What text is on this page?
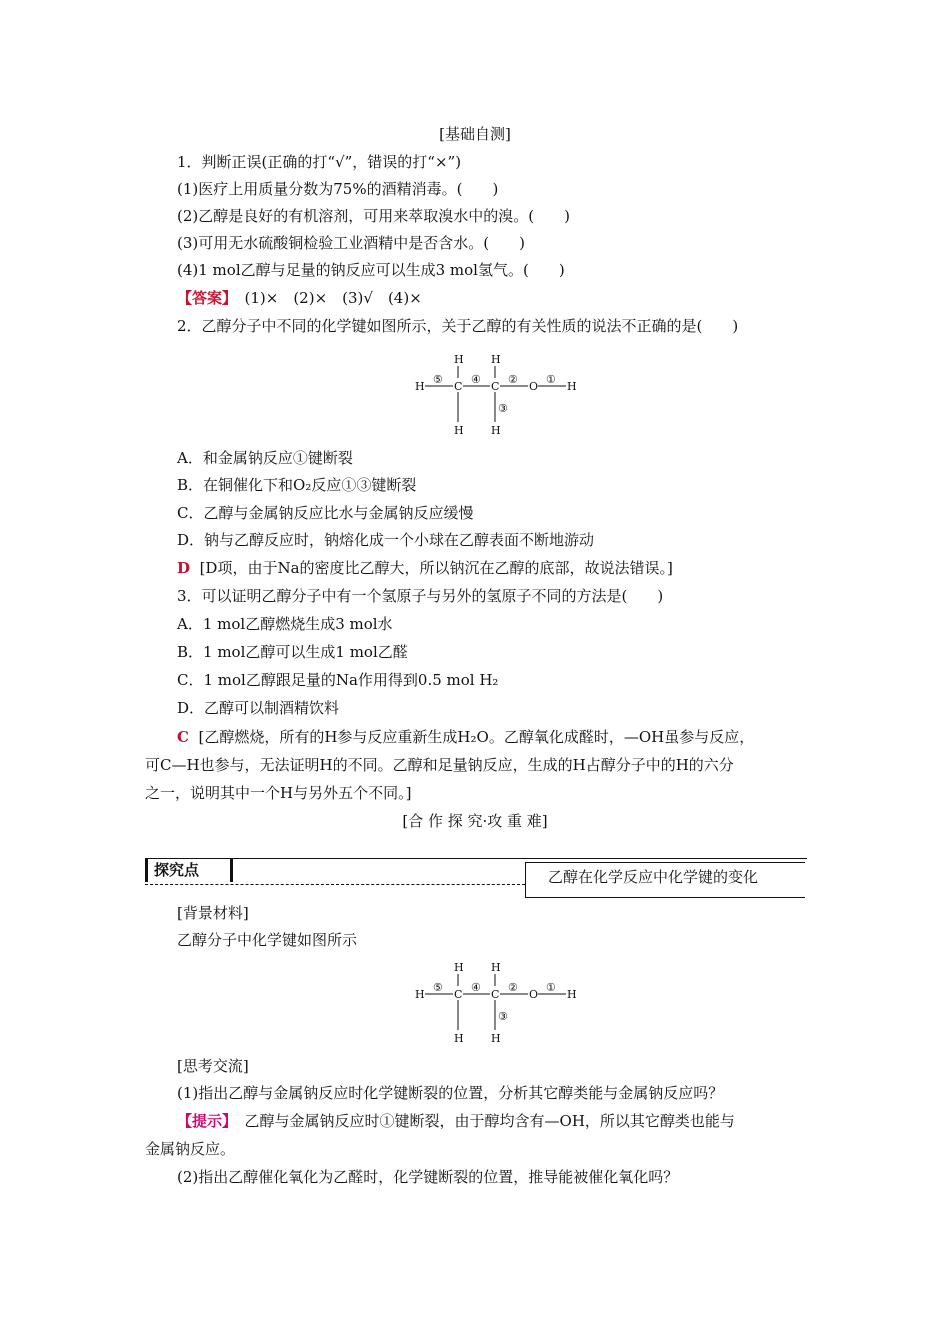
[基础自测]
1．判断正误(正确的打“√”，错误的打“×”)
(1)医疗上用质量分数为75%的酒精消毒。(　　)
(2)乙醇是良好的有机溶剂，可用来萃取溴水中的溴。(　　)
(3)可用无水硫酸铜检验工业酒精中是否含水。(　　)
(4)1 mol乙醇与足量的钠反应可以生成3 mol氢气。(　　)
【答案】　(1)×　(2)×　(3)√　(4)×
2．乙醇分子中不同的化学键如图所示，关于乙醇的有关性质的说法不正确的是(　　)
H H
H	C	C	O	H
H H
⑤	④ ②	①
③
A．和金属钠反应①键断裂
B．在铜催化下和O₂反应①③键断裂
C．乙醇与金属钠反应比水与金属钠反应缓慢
D．钠与乙醇反应时，钠熔化成一个小球在乙醇表面不断地游动
D [D项，由于Na的密度比乙醇大，所以钠沉在乙醇的底部，故说法错误。]
3．可以证明乙醇分子中有一个氢原子与另外的氢原子不同的方法是(　　)
A．1 mol乙醇燃烧生成3 mol水
B．1 mol乙醇可以生成1 mol乙醛
C．1 mol乙醇跟足量的Na作用得到0.5 mol H₂
D．乙醇可以制酒精饮料
C [乙醇燃烧，所有的H参与反应重新生成H₂O。乙醇氧化成醛时，—OH虽参与反应，
可C—H也参与，无法证明H的不同。乙醇和足量钠反应，生成的H占醇分子中的H的六分
之一，说明其中一个H与另外五个不同。]
[合 作 探 究·攻 重 难]
探究点	乙醇在化学反应中化学键的变化
[背景材料]
乙醇分子中化学键如图所示
H H
H	C	C	O	H
H H
⑤	④ ②	①
③
[思考交流]
(1)指出乙醇与金属钠反应时化学键断裂的位置，分析其它醇类能与金属钠反应吗？
【提示】　乙醇与金属钠反应时①键断裂，由于醇均含有—OH，所以其它醇类也能与
金属钠反应。
(2)指出乙醇催化氧化为乙醛时，化学键断裂的位置，推导能被催化氧化吗？
